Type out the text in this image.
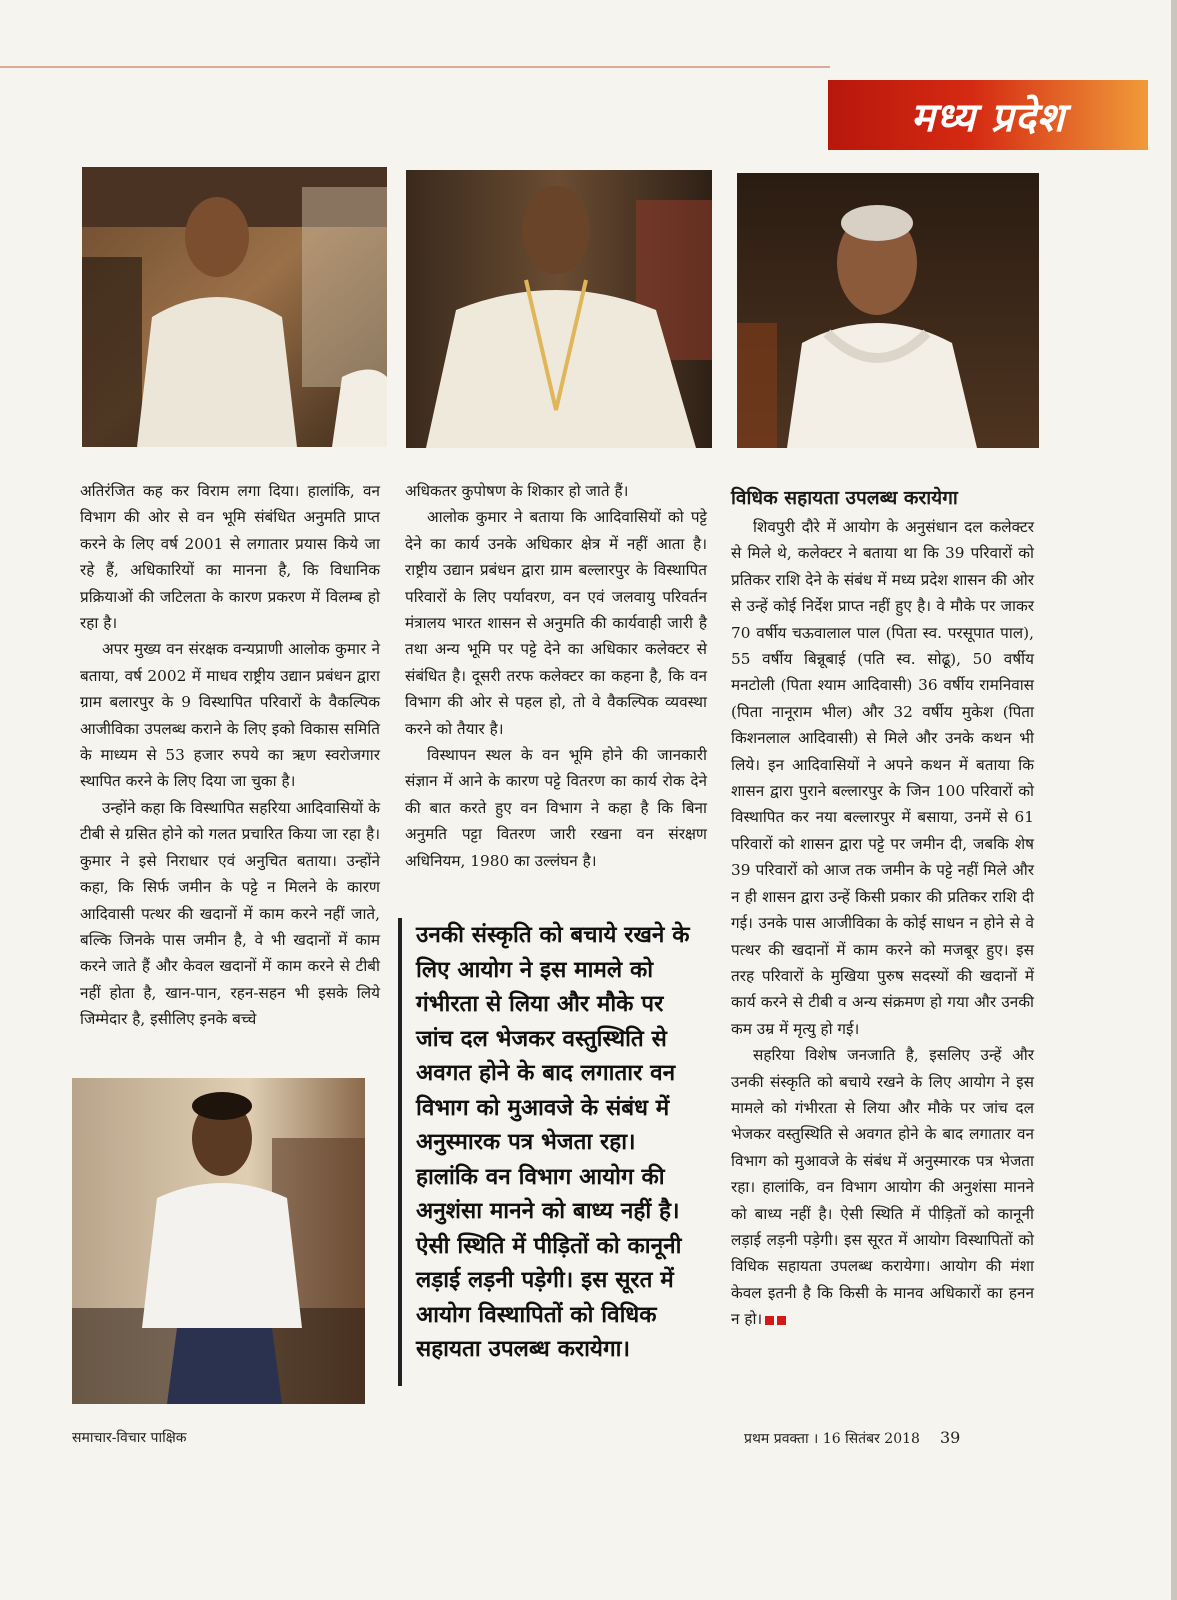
मध्य प्रदेश

अतिरंजित कह कर विराम लगा दिया। हालांकि, वन विभाग की ओर से वन भूमि संबंधित अनुमति प्राप्त करने के लिए वर्ष 2001 से लगातार प्रयास किये जा रहे हैं, अधिकारियों का मानना है, कि विधानिक प्रक्रियाओं की जटिलता के कारण प्रकरण में विलम्ब हो रहा है।

अपर मुख्य वन संरक्षक वन्यप्राणी आलोक कुमार ने बताया, वर्ष 2002 में माधव राष्ट्रीय उद्यान प्रबंधन द्वारा ग्राम बलारपुर के 9 विस्थापित परिवारों के वैकल्पिक आजीविका उपलब्ध कराने के लिए इको विकास समिति के माध्यम से 53 हजार रुपये का ऋण स्वरोजगार स्थापित करने के लिए दिया जा चुका है।

उन्होंने कहा कि विस्थापित सहरिया आदिवासियों के टीबी से ग्रसित होने को गलत प्रचारित किया जा रहा है। कुमार ने इसे निराधार एवं अनुचित बताया। उन्होंने कहा, कि सिर्फ जमीन के पट्टे न मिलने के कारण आदिवासी पत्थर की खदानों में काम करने नहीं जाते, बल्कि जिनके पास जमीन है, वे भी खदानों में काम करने जाते हैं और केवल खदानों में काम करने से टीबी नहीं होता है, खान-पान, रहन-सहन भी इसके लिये जिम्मेदार है, इसीलिए इनके बच्चे

अधिकतर कुपोषण के शिकार हो जाते हैं।

आलोक कुमार ने बताया कि आदिवासियों को पट्टे देने का कार्य उनके अधिकार क्षेत्र में नहीं आता है। राष्ट्रीय उद्यान प्रबंधन द्वारा ग्राम बल्लारपुर के विस्थापित परिवारों के लिए पर्यावरण, वन एवं जलवायु परिवर्तन मंत्रालय भारत शासन से अनुमति की कार्यवाही जारी है तथा अन्य भूमि पर पट्टे देने का अधिकार कलेक्टर से संबंधित है। दूसरी तरफ कलेक्टर का कहना है, कि वन विभाग की ओर से पहल हो, तो वे वैकल्पिक व्यवस्था करने को तैयार है।

विस्थापन स्थल के वन भूमि होने की जानकारी संज्ञान में आने के कारण पट्टे वितरण का कार्य रोक देने की बात करते हुए वन विभाग ने कहा है कि बिना अनुमति पट्टा वितरण जारी रखना वन संरक्षण अधिनियम, 1980 का उल्लंघन है।

उनकी संस्कृति को बचाये रखने के लिए आयोग ने इस मामले को गंभीरता से लिया और मौके पर जांच दल भेजकर वस्तुस्थिति से अवगत होने के बाद लगातार वन विभाग को मुआवजे के संबंध में अनुस्मारक पत्र भेजता रहा। हालांकि वन विभाग आयोग की अनुशंसा मानने को बाध्य नहीं है। ऐसी स्थिति में पीड़ितों को कानूनी लड़ाई लड़नी पड़ेगी। इस सूरत में आयोग विस्थापितों को विधिक सहायता उपलब्ध करायेगा।
विधिक सहायता उपलब्ध करायेगा

शिवपुरी दौरे में आयोग के अनुसंधान दल कलेक्टर से मिले थे, कलेक्टर ने बताया था कि 39 परिवारों को प्रतिकर राशि देने के संबंध में मध्य प्रदेश शासन की ओर से उन्हें कोई निर्देश प्राप्त नहीं हुए है। वे मौके पर जाकर 70 वर्षीय चऊवालाल पाल (पिता स्व. परसूपात पाल), 55 वर्षीय बिन्नूबाई (पति स्व. सोढू), 50 वर्षीय मनटोली (पिता श्याम आदिवासी) 36 वर्षीय रामनिवास (पिता नानूराम भील) और 32 वर्षीय मुकेश (पिता किशनलाल आदिवासी) से मिले और उनके कथन भी लिये। इन आदिवासियों ने अपने कथन में बताया कि शासन द्वारा पुराने बल्लारपुर के जिन 100 परिवारों को विस्थापित कर नया बल्लारपुर में बसाया, उनमें से 61 परिवारों को शासन द्वारा पट्टे पर जमीन दी, जबकि शेष 39 परिवारों को आज तक जमीन के पट्टे नहीं मिले और न ही शासन द्वारा उन्हें किसी प्रकार की प्रतिकर राशि दी गई। उनके पास आजीविका के कोई साधन न होने से वे पत्थर की खदानों में काम करने को मजबूर हुए। इस तरह परिवारों के मुखिया पुरुष सदस्यों की खदानों में कार्य करने से टीबी व अन्य संक्रमण हो गया और उनकी कम उम्र में मृत्यु हो गई।

सहरिया विशेष जनजाति है, इसलिए उन्हें और उनकी संस्कृति को बचाये रखने के लिए आयोग ने इस मामले को गंभीरता से लिया और मौके पर जांच दल भेजकर वस्तुस्थिति से अवगत होने के बाद लगातार वन विभाग को मुआवजे के संबंध में अनुस्मारक पत्र भेजता रहा। हालांकि, वन विभाग आयोग की अनुशंसा मानने को बाध्य नहीं है। ऐसी स्थिति में पीड़ितों को कानूनी लड़ाई लड़नी पड़ेगी। इस सूरत में आयोग विस्थापितों को विधिक सहायता उपलब्ध करायेगा। आयोग की मंशा केवल इतनी है कि किसी के मानव अधिकारों का हनन न हो।

समाचार-विचार पाक्षिक	प्रथम प्रवक्ता । 16 सितंबर 2018 39
